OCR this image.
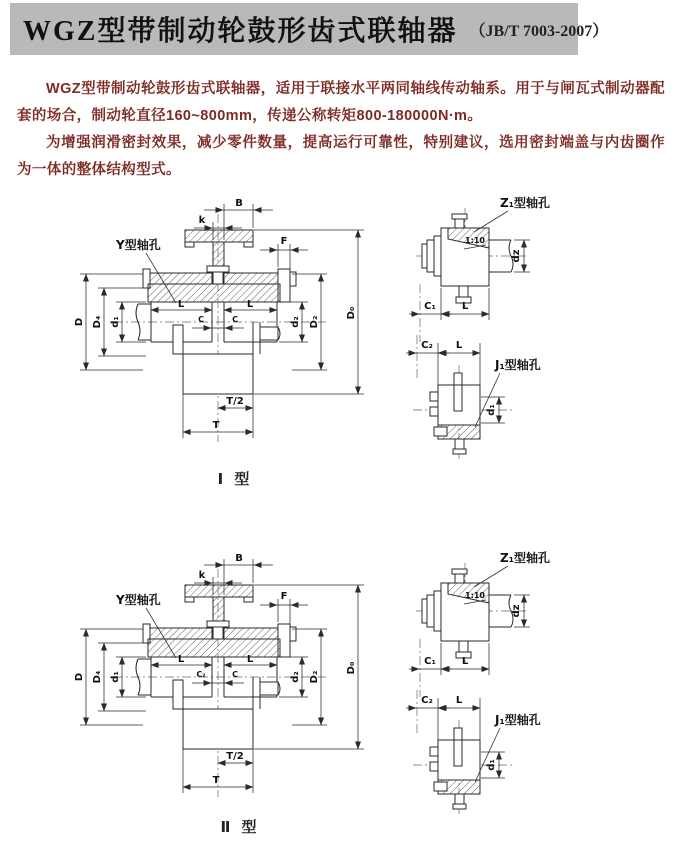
WGZ型带制动轮鼓形齿式联轴器 （JB/T 7003-2007）

WGZ型带制动轮鼓形齿式联轴器，适用于联接水平两同轴线传动轴系。用于与闸瓦式制动器配套的场合，制动轮直径160~800mm，传递公称转矩800-180000N·m。

为增强润滑密封效果，减少零件数量，提高运行可靠性，特别建议，选用密封端盖与内齿圈作为一体的整体结构型式。

B
k
F
Y型轴孔
L	L
C	C
D D₄ d₁	d₂ D₂
D₀
T/2
T
Z₁型轴孔
1:10
C₁	L
dz
J₁型轴孔
C₂ L
d₁
Ⅰ 型
B
k
F
Y型轴孔
L	L
C₂	C
D D₄ d₁	d₂ D₂
D₀
T/2
T
Z₁型轴孔
1:10
C₁	L
dz
J₁型轴孔
C₂ L
d₁
Ⅱ 型
